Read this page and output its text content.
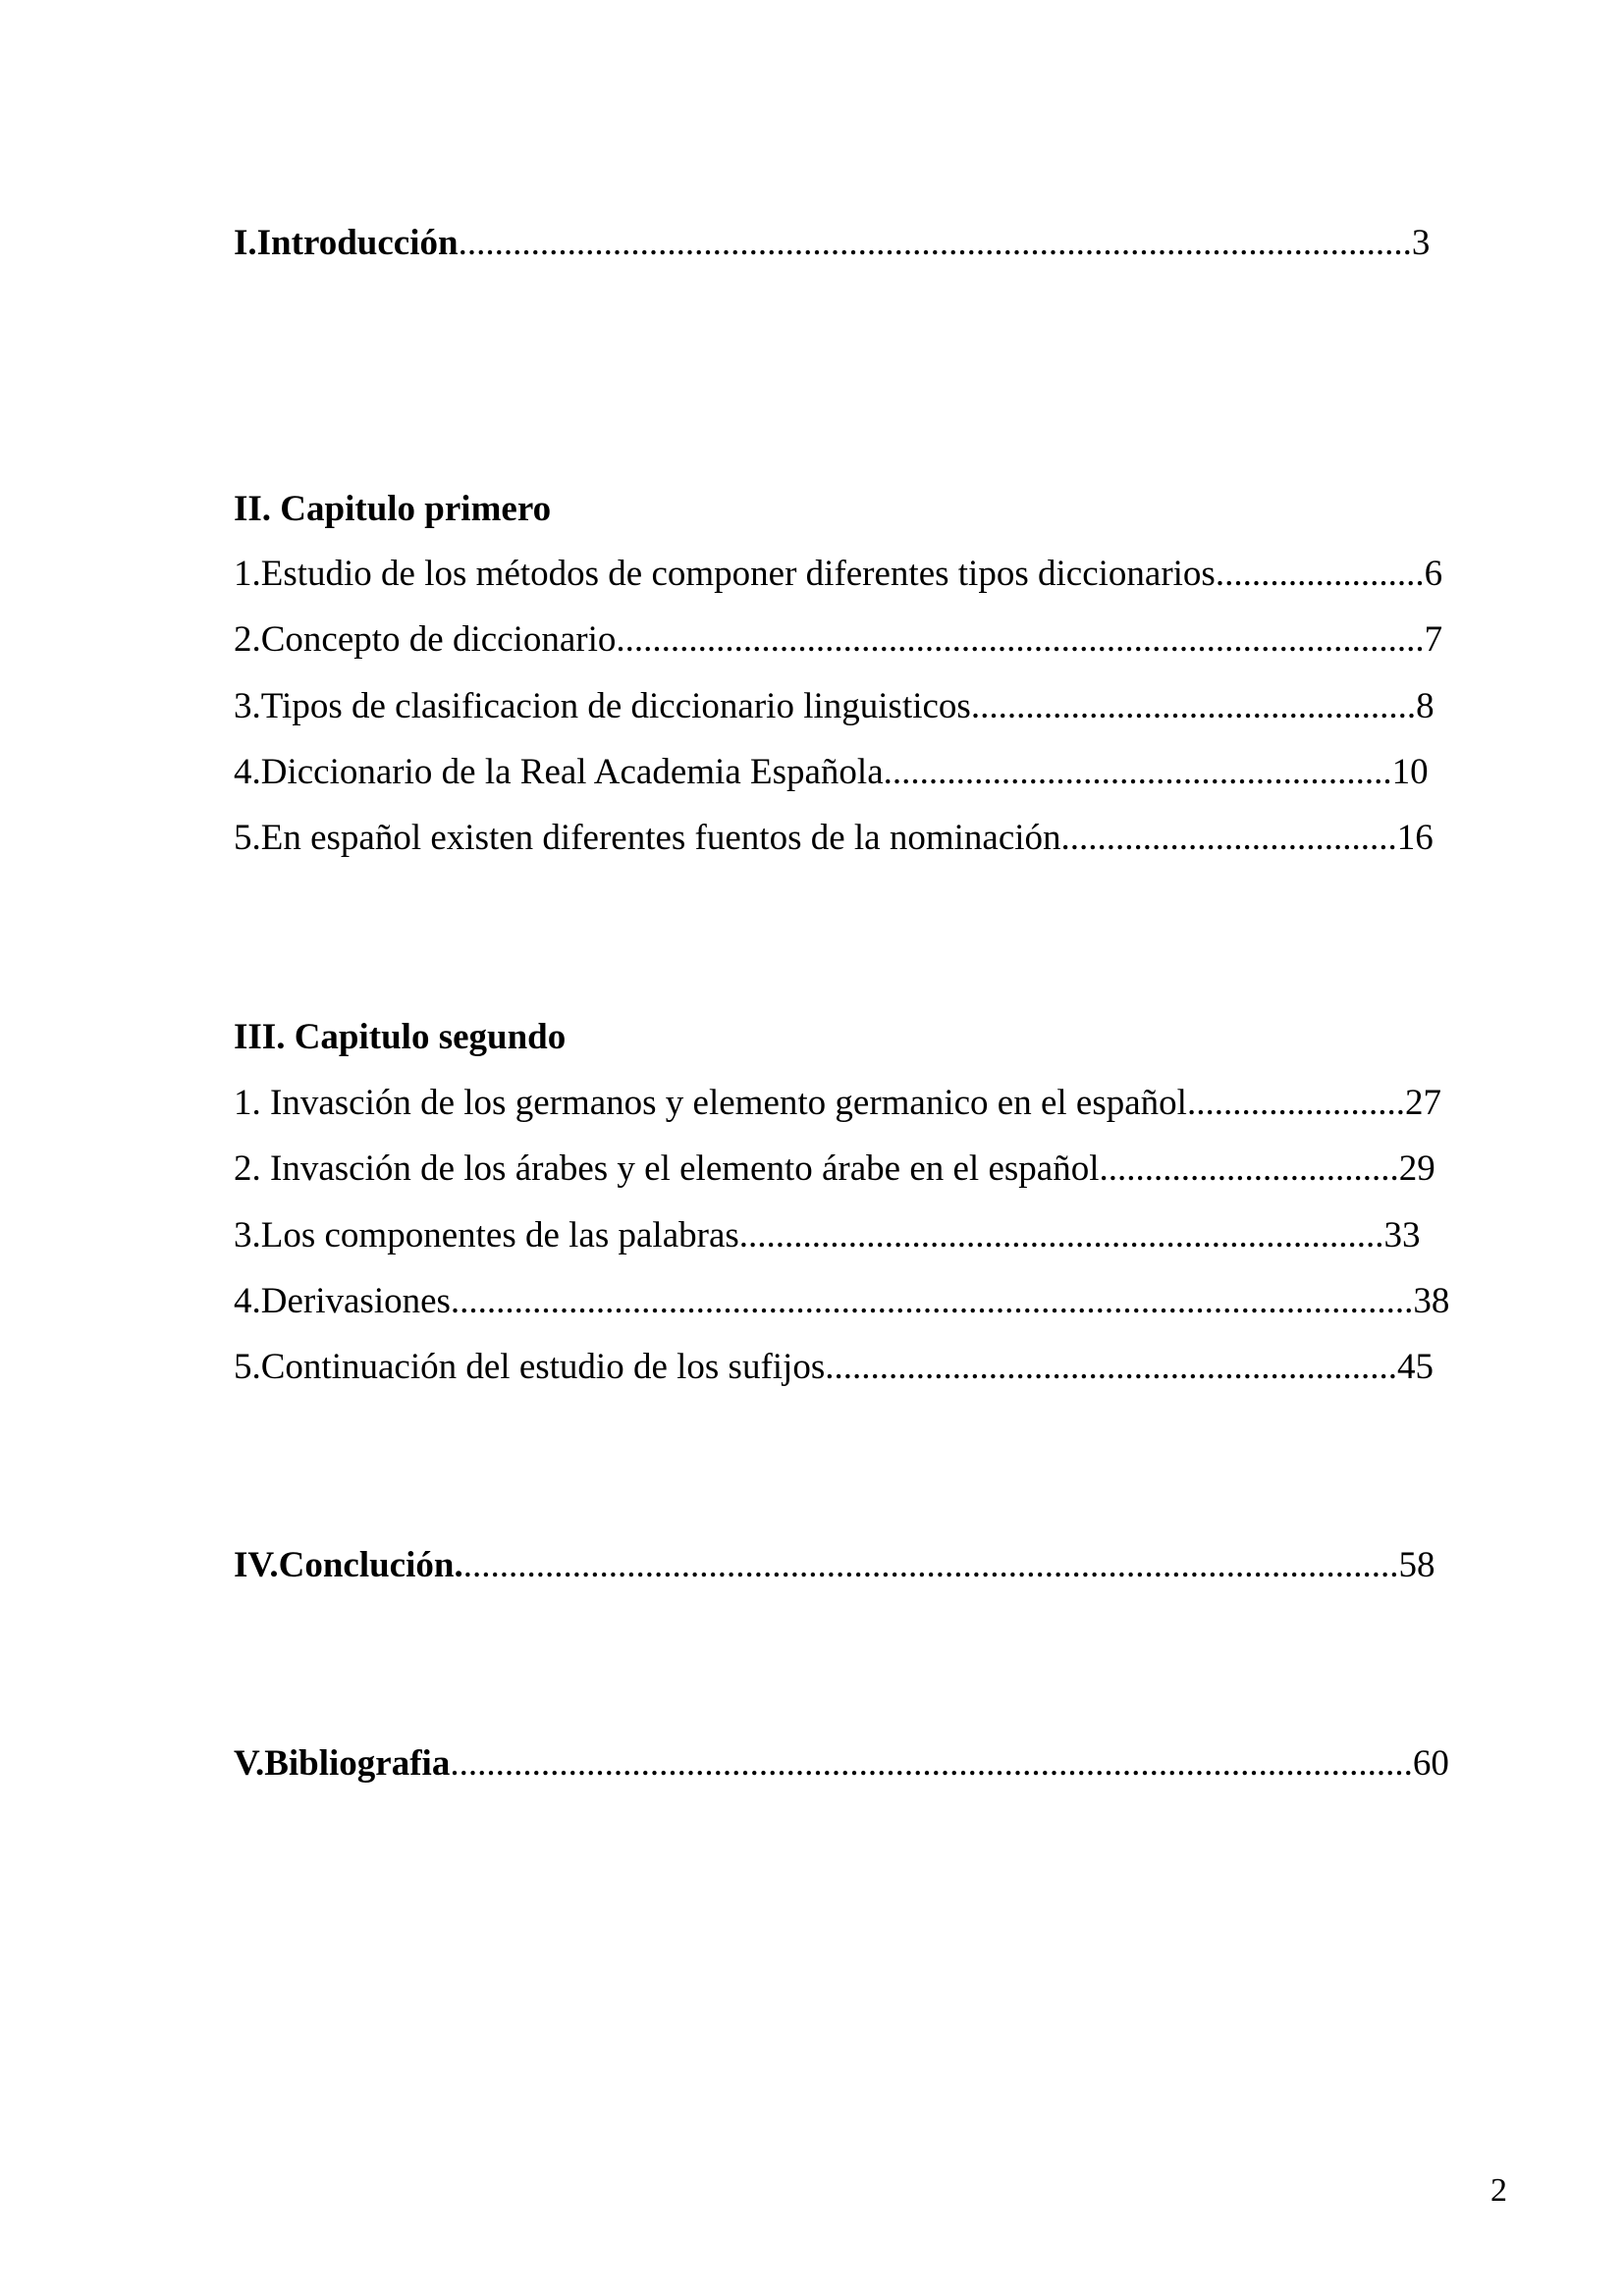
I.Introducción.........................................................................................................3
II. Capitulo primero
1.Estudio de los métodos de componer diferentes tipos diccionarios.......................6
2.Concepto de diccionario.........................................................................................7
3.Tipos de clasificacion de diccionario linguisticos.................................................8
4.Diccionario de la Real Academia Española........................................................10
5.En español existen diferentes fuentos de la nominación.....................................16
III. Capitulo segundo
1. Invasción de los germanos y elemento germanico en el español........................27
2. Invasción de los árabes y el elemento árabe en el español.................................29
3.Los componentes de las palabras.......................................................................33
4.Derivasiones..........................................................................................................38
5.Continuación del estudio de los sufijos...............................................................45
IV.Conclución........................................................................................................58
V.Bibliografia..........................................................................................................60
2
